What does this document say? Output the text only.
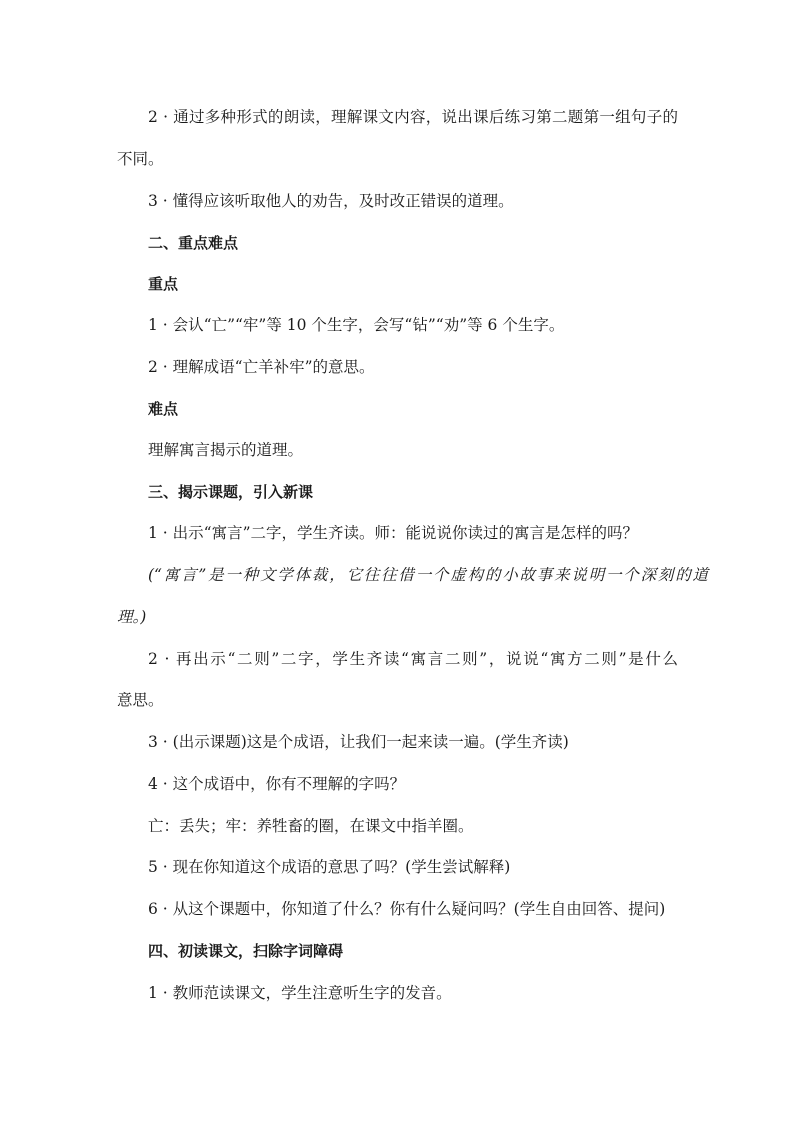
2 · 通过多种形式的朗读，理解课文内容，说出课后练习第二题第一组句子的

不同。

3 · 懂得应该听取他人的劝告，及时改正错误的道理。

二、重点难点

重点

1 · 会认“亡”“牢”等 10 个生字，会写“钻”“劝”等 6 个生字。

2 · 理解成语“亡羊补牢”的意思。

难点

理解寓言揭示的道理。

三、揭示课题，引入新课

1 · 出示“寓言”二字，学生齐读。师：能说说你读过的寓言是怎样的吗？

(“寓言”是一种文学体裁，它往往借一个虚构的小故事来说明一个深刻的道

理。)

2 · 再出示“二则”二字，学生齐读“寓言二则”，说说“寓方二则”是什么

意思。

3 · (出示课题)这是个成语，让我们一起来读一遍。(学生齐读)

4 · 这个成语中，你有不理解的字吗？

亡：丢失；牢：养牲畜的圈，在课文中指羊圈。

5 · 现在你知道这个成语的意思了吗？(学生尝试解释)

6 · 从这个课题中，你知道了什么？你有什么疑问吗？(学生自由回答、提问)

四、初读课文，扫除字词障碍

1 · 教师范读课文，学生注意听生字的发音。
